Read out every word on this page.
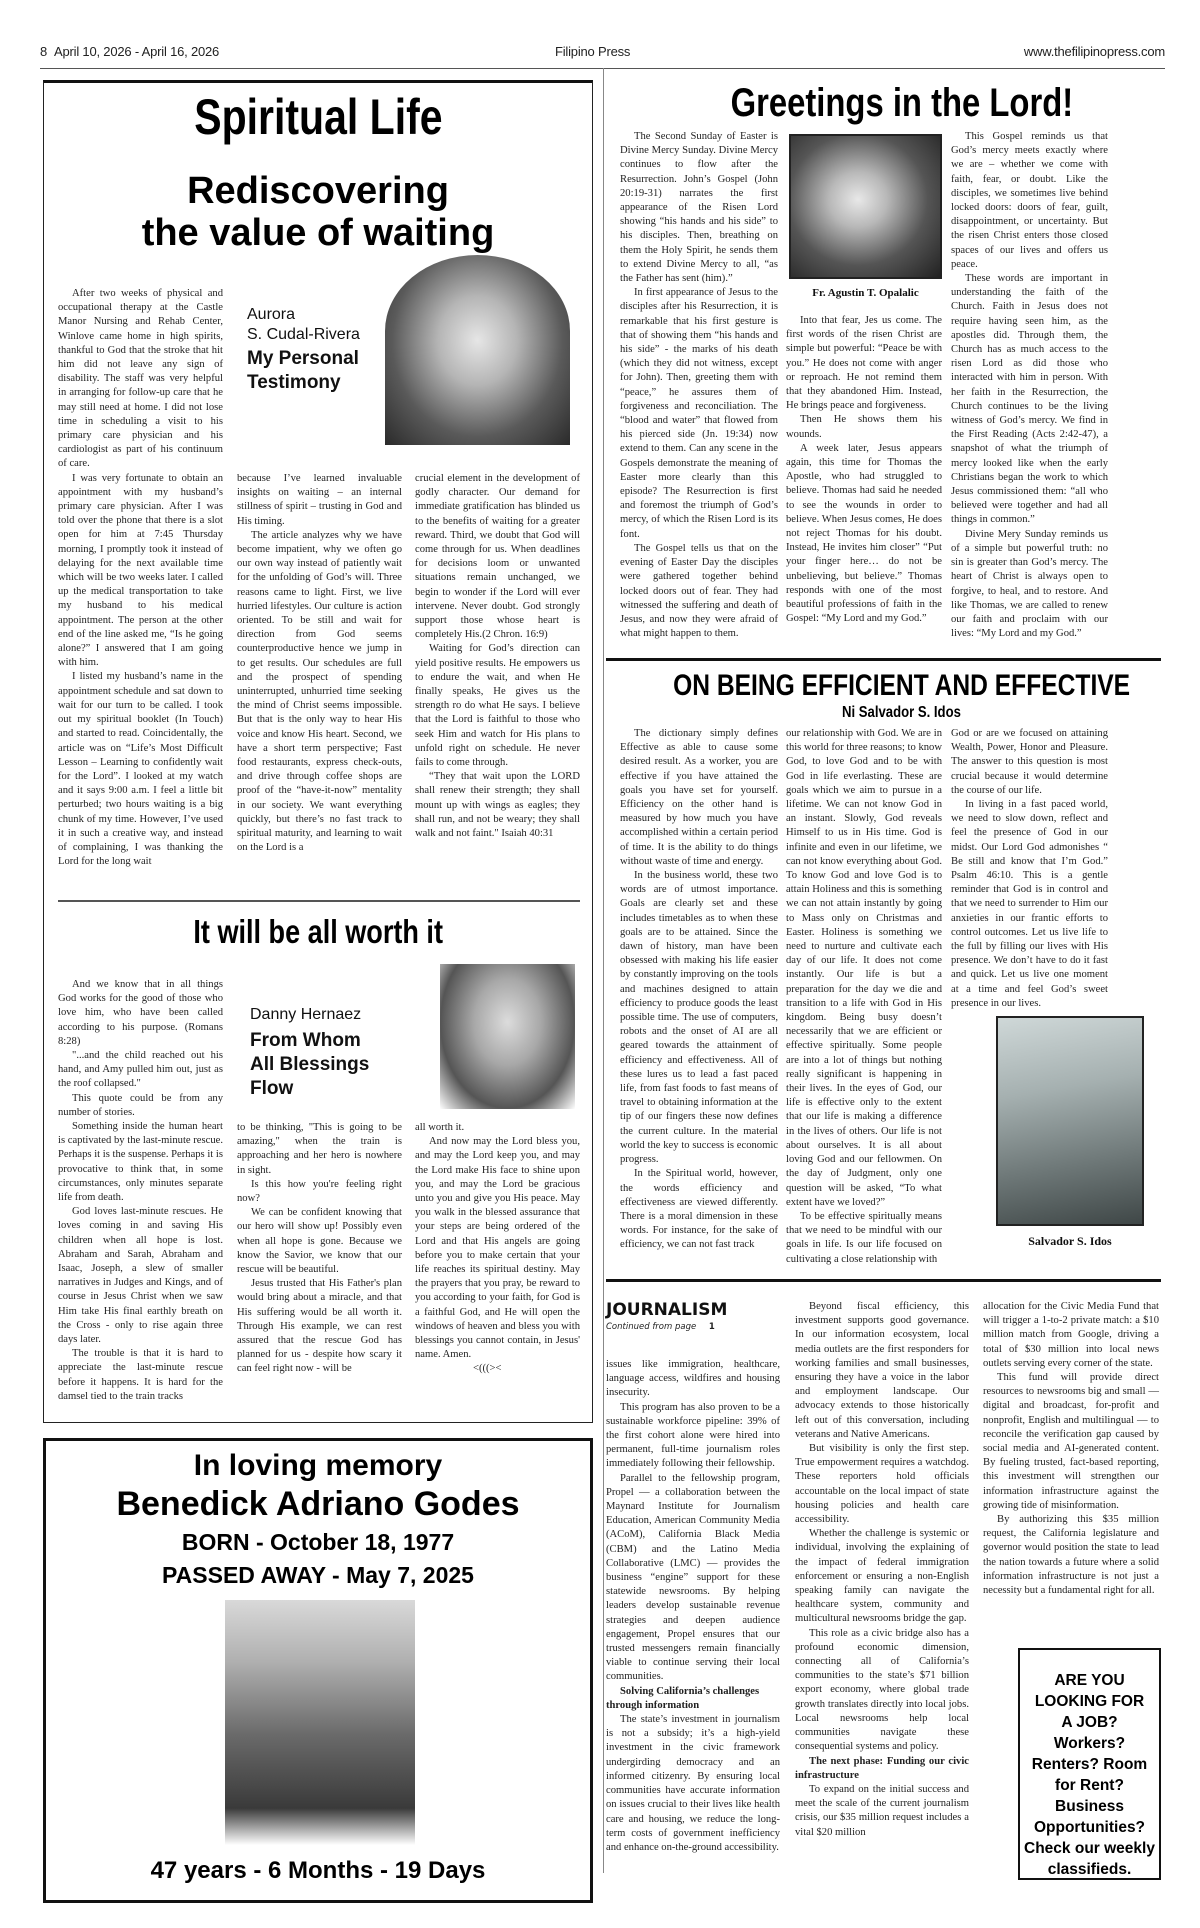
8 April 10, 2026 - April 16, 2026	Filipino Press	www.thefilipinopress.com
Spiritual Life
Rediscovering
the value of waiting
Aurora
S. Cudal-Rivera
My Personal
Testimony

After two weeks of physical and occupational therapy at the Castle Manor Nursing and Rehab Center, Winlove came home in high spirits, thankful to God that the stroke that hit him did not leave any sign of disability. The staff was very helpful in arranging for follow-up care that he may still need at home. I did not lose time in scheduling a visit to his primary care physician and his cardiologist as part of his continuum of care.

I was very fortunate to obtain an appointment with my husband’s primary care physician. After I was told over the phone that there is a slot open for him at 7:45 Thursday morning, I promptly took it instead of delaying for the next available time which will be two weeks later. I called up the medical transportation to take my husband to his medical appointment. The person at the other end of the line asked me, “Is he going alone?” I answered that I am going with him.

I listed my husband’s name in the appointment schedule and sat down to wait for our turn to be called. I took out my spiritual booklet (In Touch) and started to read. Coincidentally, the article was on “Life’s Most Difficult Lesson – Learning to confidently wait for the Lord”. I looked at my watch and it says 9:00 a.m. I feel a little bit perturbed; two hours waiting is a big chunk of my time. However, I’ve used it in such a creative way, and instead of complaining, I was thanking the Lord for the long wait

because I’ve learned invaluable insights on waiting – an internal stillness of spirit – trusting in God and His timing.

The article analyzes why we have become impatient, why we often go our own way instead of patiently wait for the unfolding of God’s will. Three reasons came to light. First, we live hurried lifestyles. Our culture is action oriented. To be still and wait for direction from God seems counterproductive hence we jump in to get results. Our schedules are full and the prospect of spending uninterrupted, unhurried time seeking the mind of Christ seems impossible. But that is the only way to hear His voice and know His heart. Second, we have a short term perspective; Fast food restaurants, express check-outs, and drive through coffee shops are proof of the “have-it-now” mentality in our society. We want everything quickly, but there’s no fast track to spiritual maturity, and learning to wait on the Lord is a

crucial element in the development of godly character. Our demand for immediate gratification has blinded us to the benefits of waiting for a greater reward. Third, we doubt that God will come through for us. When deadlines for decisions loom or unwanted situations remain unchanged, we begin to wonder if the Lord will ever intervene. Never doubt. God strongly support those whose heart is completely His.(2 Chron. 16:9)

Waiting for God’s direction can yield positive results. He empowers us to endure the wait, and when He finally speaks, He gives us the strength ro do what He says. I believe that the Lord is faithful to those who seek Him and watch for His plans to unfold right on schedule. He never fails to come through.

“They that wait upon the LORD shall renew their strength; they shall mount up with wings as eagles; they shall run, and not be weary; they shall walk and not faint." Isaiah 40:31

It will be all worth it
Danny Hernaez
From Whom
All Blessings
Flow

And we know that in all things God works for the good of those who love him, who have been called according to his purpose. (Romans 8:28)

"...and the child reached out his hand, and Amy pulled him out, just as the roof collapsed."

This quote could be from any number of stories.

Something inside the human heart is captivated by the last-minute rescue. Perhaps it is the suspense. Perhaps it is provocative to think that, in some circumstances, only minutes separate life from death.

God loves last-minute rescues. He loves coming in and saving His children when all hope is lost. Abraham and Sarah, Abraham and Isaac, Joseph, a slew of smaller narratives in Judges and Kings, and of course in Jesus Christ when we saw Him take His final earthly breath on the Cross - only to rise again three days later.

The trouble is that it is hard to appreciate the last-minute rescue before it happens. It is hard for the damsel tied to the train tracks

to be thinking, "This is going to be amazing," when the train is approaching and her hero is nowhere in sight.

Is this how you're feeling right now?

We can be confident knowing that our hero will show up! Possibly even when all hope is gone. Because we know the Savior, we know that our rescue will be beautiful.

Jesus trusted that His Father's plan would bring about a miracle, and that His suffering would be all worth it. Through His example, we can rest assured that the rescue God has planned for us - despite how scary it can feel right now - will be

all worth it.

And now may the Lord bless you, and may the Lord keep you, and may the Lord make His face to shine upon you, and may the Lord be gracious unto you and give you His peace. May you walk in the blessed assurance that your steps are being ordered of the Lord and that His angels are going before you to make certain that your life reaches its spiritual destiny. May the prayers that you pray, be reward to you according to your faith, for God is a faithful God, and He will open the windows of heaven and bless you with blessings you cannot contain, in Jesus' name. Amen.

<(((><

In loving memory
Benedick Adriano Godes
BORN - October 18, 1977
PASSED AWAY - May 7, 2025
47 years - 6 Months - 19 Days
Greetings in the Lord!

The Second Sunday of Easter is Divine Mercy Sunday. Divine Mercy continues to flow after the Resurrection. John’s Gospel (John 20:19-31) narrates the first appearance of the Risen Lord showing “his hands and his side” to his disciples. Then, breathing on them the Holy Spirit, he sends them to extend Divine Mercy to all, “as the Father has sent (him).”

In first appearance of Jesus to the disciples after his Resurrection, it is remarkable that his first gesture is that of showing them “his hands and his side” - the marks of his death (which they did not witness, except for John). Then, greeting them with “peace,” he assures them of forgiveness and reconciliation. The “blood and water” that flowed from his pierced side (Jn. 19:34) now extend to them. Can any scene in the Gospels demonstrate the meaning of Easter more clearly than this episode? The Resurrection is first and foremost the triumph of God’s mercy, of which the Risen Lord is its font.

The Gospel tells us that on the evening of Easter Day the disciples were gathered together behind locked doors out of fear. They had witnessed the suffering and death of Jesus, and now they were afraid of what might happen to them.

Fr. Agustin T. Opalalic

Into that fear, Jes us come. The first words of the risen Christ are simple but powerful: “Peace be with you.” He does not come with anger or reproach. He not remind them that they abandoned Him. Instead, He brings peace and forgiveness.

Then He shows them his wounds.

A week later, Jesus appears again, this time for Thomas the Apostle, who had struggled to believe. Thomas had said he needed to see the wounds in order to believe. When Jesus comes, He does not reject Thomas for his doubt. Instead, He invites him closer” “Put your finger here… do not be unbelieving, but believe.” Thomas responds with one of the most beautiful professions of faith in the Gospel: “My Lord and my God.”

This Gospel reminds us that God’s mercy meets exactly where we are – whether we come with faith, fear, or doubt. Like the disciples, we sometimes live behind locked doors: doors of fear, guilt, disappointment, or uncertainty. But the risen Christ enters those closed spaces of our lives and offers us peace.

These words are important in understanding the faith of the Church. Faith in Jesus does not require having seen him, as the apostles did. Through them, the Church has as much access to the risen Lord as did those who interacted with him in person. With her faith in the Resurrection, the Church continues to be the living witness of God’s mercy. We find in the First Reading (Acts 2:42-47), a snapshot of what the triumph of mercy looked like when the early Christians began the work to which Jesus commissioned them: “all who believed were together and had all things in common.”

Divine Mery Sunday reminds us of a simple but powerful truth: no sin is greater than God’s mercy. The heart of Christ is always open to forgive, to heal, and to restore. And like Thomas, we are called to renew our faith and proclaim with our lives: “My Lord and my God.”

ON BEING EFFICIENT AND EFFECTIVE
Ni Salvador S. Idos

The dictionary simply defines Effective as able to cause some desired result. As a worker, you are effective if you have attained the goals you have set for yourself. Efficiency on the other hand is measured by how much you have accomplished within a certain period of time. It is the ability to do things without waste of time and energy.

In the business world, these two words are of utmost importance. Goals are clearly set and these includes timetables as to when these goals are to be attained. Since the dawn of history, man have been obsessed with making his life easier by constantly improving on the tools and machines designed to attain efficiency to produce goods the least possible time. The use of computers, robots and the onset of AI are all geared towards the attainment of efficiency and effectiveness. All of these lures us to lead a fast paced life, from fast foods to fast means of travel to obtaining information at the tip of our fingers these now defines the current culture. In the material world the key to success is economic progress.

In the Spiritual world, however, the words efficiency and effectiveness are viewed differently. There is a moral dimension in these words. For instance, for the sake of efficiency, we can not fast track

our relationship with God. We are in this world for three reasons; to know God, to love God and to be with God in life everlasting. These are goals which we aim to pursue in a lifetime. We can not know God in an instant. Slowly, God reveals Himself to us in His time. God is infinite and even in our lifetime, we can not know everything about God. To know God and love God is to attain Holiness and this is something we can not attain instantly by going to Mass only on Christmas and Easter. Holiness is something we need to nurture and cultivate each day of our life. It does not come instantly. Our life is but a preparation for the day we die and transition to a life with God in His kingdom. Being busy doesn’t necessarily that we are efficient or effective spiritually. Some people are into a lot of things but nothing really significant is happening in their lives. In the eyes of God, our life is effective only to the extent that our life is making a difference in the lives of others. Our life is not about ourselves. It is all about loving God and our fellowmen. On the day of Judgment, only one question will be asked, “To what extent have we loved?”

To be effective spiritually means that we need to be mindful with our goals in life. Is our life focused on cultivating a close relationship with

God or are we focused on attaining Wealth, Power, Honor and Pleasure. The answer to this question is most crucial because it would determine the course of our life.

In living in a fast paced world, we need to slow down, reflect and feel the presence of God in our midst. Our Lord God admonishes “ Be still and know that I’m God.” Psalm 46:10. This is a gentle reminder that God is in control and that we need to surrender to Him our anxieties in our frantic efforts to control outcomes. Let us live life to the full by filling our lives with His presence. We don’t have to do it fast and quick. Let us live one moment at a time and feel God’s sweet presence in our lives.

Salvador S. Idos
JOURNALISM
Continued from page 1

issues like immigration, healthcare, language access, wildfires and housing insecurity.

This program has also proven to be a sustainable workforce pipeline: 39% of the first cohort alone were hired into permanent, full-time journalism roles immediately following their fellowship.

Parallel to the fellowship program, Propel — a collaboration between the Maynard Institute for Journalism Education, American Community Media (ACoM), California Black Media (CBM) and the Latino Media Collaborative (LMC) — provides the business “engine” support for these statewide newsrooms. By helping leaders develop sustainable revenue strategies and deepen audience engagement, Propel ensures that our trusted messengers remain financially viable to continue serving their local communities.

Solving California’s challenges through information

The state’s investment in journalism is not a subsidy; it’s a high-yield investment in the civic framework undergirding democracy and an informed citizenry. By ensuring local communities have accurate information on issues crucial to their lives like health care and housing, we reduce the long-term costs of government inefficiency and enhance on-the-ground accessibility.

Beyond fiscal efficiency, this investment supports good governance. In our information ecosystem, local media outlets are the first responders for working families and small businesses, ensuring they have a voice in the labor and employment landscape. Our advocacy extends to those historically left out of this conversation, including veterans and Native Americans.

But visibility is only the first step. True empowerment requires a watchdog. These reporters hold officials accountable on the local impact of state housing policies and health care accessibility.

Whether the challenge is systemic or individual, involving the explaining of the impact of federal immigration enforcement or ensuring a non-English speaking family can navigate the healthcare system, community and multicultural newsrooms bridge the gap.

This role as a civic bridge also has a profound economic dimension, connecting all of California’s communities to the state’s $71 billion export economy, where global trade growth translates directly into local jobs. Local newsrooms help local communities navigate these consequential systems and policy.

The next phase: Funding our civic infrastructure

To expand on the initial success and meet the scale of the current journalism crisis, our $35 million request includes a vital $20 million

allocation for the Civic Media Fund that will trigger a 1-to-2 private match: a $10 million match from Google, driving a total of $30 million into local news outlets serving every corner of the state.

This fund will provide direct resources to newsrooms big and small — digital and broadcast, for-profit and nonprofit, English and multilingual — to reconcile the verification gap caused by social media and AI-generated content. By fueling trusted, fact-based reporting, this investment will strengthen our information infrastructure against the growing tide of misinformation.

By authorizing this $35 million request, the California legislature and governor would position the state to lead the nation towards a future where a solid information infrastructure is not just a necessity but a fundamental right for all.

ARE YOU
LOOKING FOR
A JOB?
Workers?
Renters? Room
for Rent?
Business
Opportunities?
Check our weekly
classifieds.
